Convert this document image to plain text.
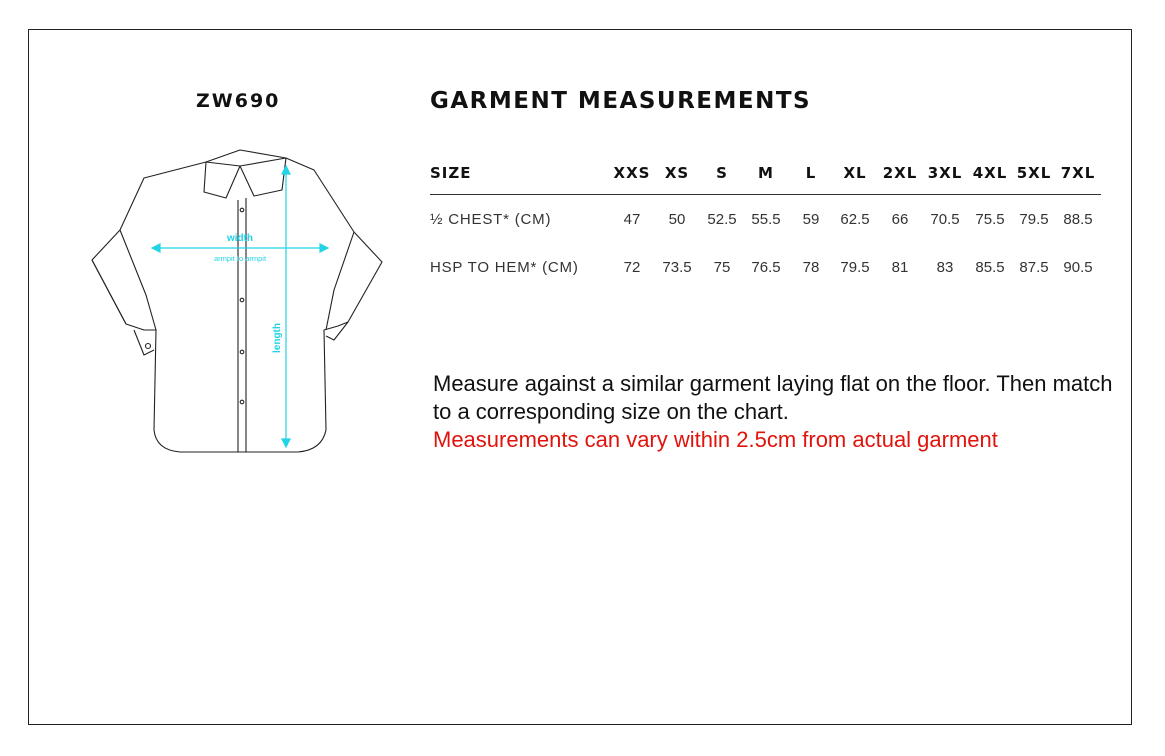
ZW690
width
armpit to armpit
length
GARMENT MEASUREMENTS
SIZE	XXS XS	S	M	L	XL	2XL 3XL 4XL 5XL 7XL
½ CHEST* (CM)	47	50	52.5 55.5	59	62.5	66	70.5	75.5 79.5 88.5
HSP TO HEM* (CM)	72	73.5	75	76.5	78	79.5	81	83	85.5 87.5 90.5
Measure against a similar garment laying flat on the floor. Then match to a corresponding size on the chart.
Measurements can vary within 2.5cm from actual garment
